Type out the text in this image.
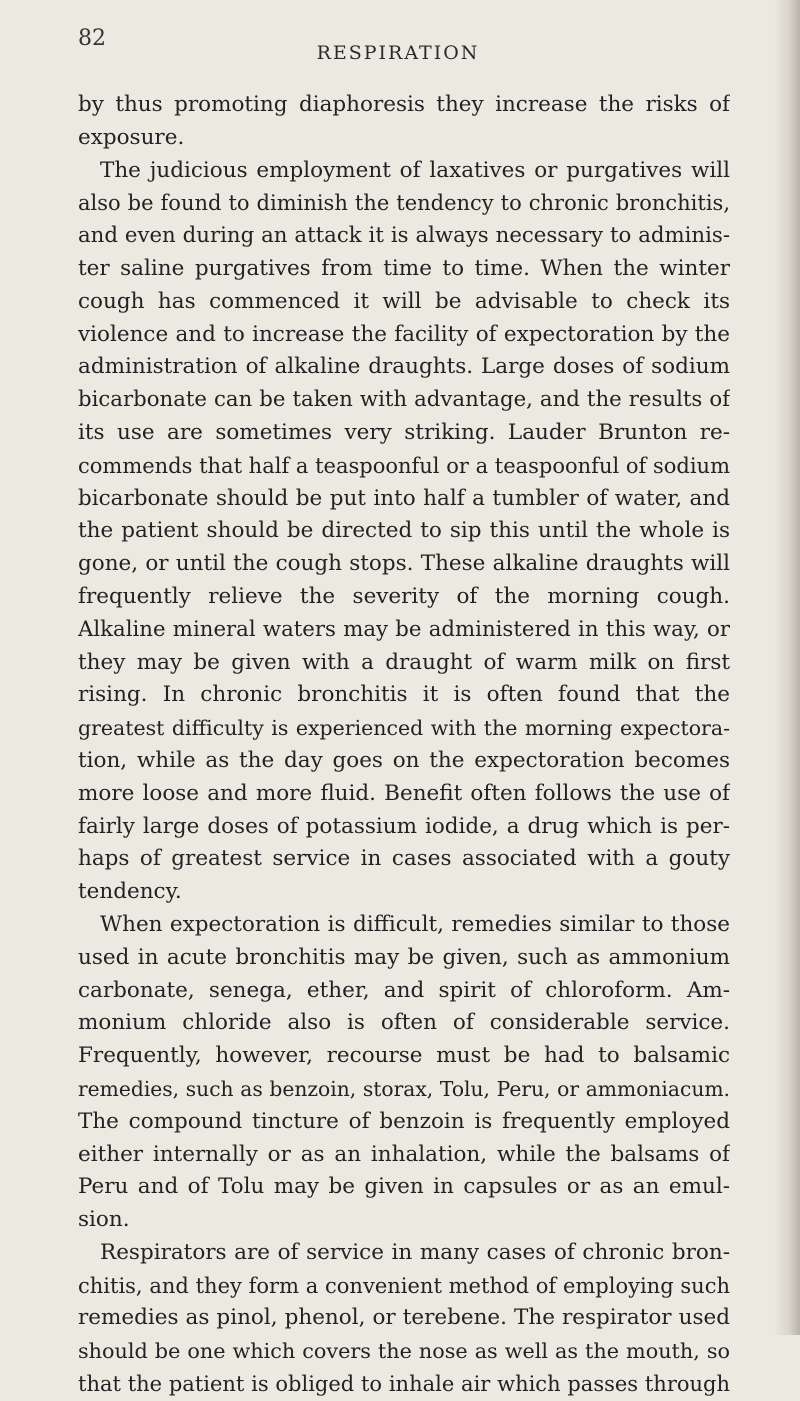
82
RESPIRATION
by thus promoting diaphoresis they increase the risks of
exposure.
The judicious employment of laxatives or purgatives will
also be found to diminish the tendency to chronic bronchitis,
and even during an attack it is always necessary to adminis-
ter saline purgatives from time to time. When the winter
cough has commenced it will be advisable to check its
violence and to increase the facility of expectoration by the
administration of alkaline draughts. Large doses of sodium
bicarbonate can be taken with advantage, and the results of
its use are sometimes very striking. Lauder Brunton re-
commends that half a teaspoonful or a teaspoonful of sodium
bicarbonate should be put into half a tumbler of water, and
the patient should be directed to sip this until the whole is
gone, or until the cough stops. These alkaline draughts will
frequently relieve the severity of the morning cough.
Alkaline mineral waters may be administered in this way, or
they may be given with a draught of warm milk on first
rising. In chronic bronchitis it is often found that the
greatest difficulty is experienced with the morning expectora-
tion, while as the day goes on the expectoration becomes
more loose and more fluid. Benefit often follows the use of
fairly large doses of potassium iodide, a drug which is per-
haps of greatest service in cases associated with a gouty
tendency.
When expectoration is difficult, remedies similar to those
used in acute bronchitis may be given, such as ammonium
carbonate, senega, ether, and spirit of chloroform. Am-
monium chloride also is often of considerable service.
Frequently, however, recourse must be had to balsamic
remedies, such as benzoin, storax, Tolu, Peru, or ammoniacum.
The compound tincture of benzoin is frequently employed
either internally or as an inhalation, while the balsams of
Peru and of Tolu may be given in capsules or as an emul-
sion.
Respirators are of service in many cases of chronic bron-
chitis, and they form a convenient method of employing such
remedies as pinol, phenol, or terebene. The respirator used
should be one which covers the nose as well as the mouth, so
that the patient is obliged to inhale air which passes through
